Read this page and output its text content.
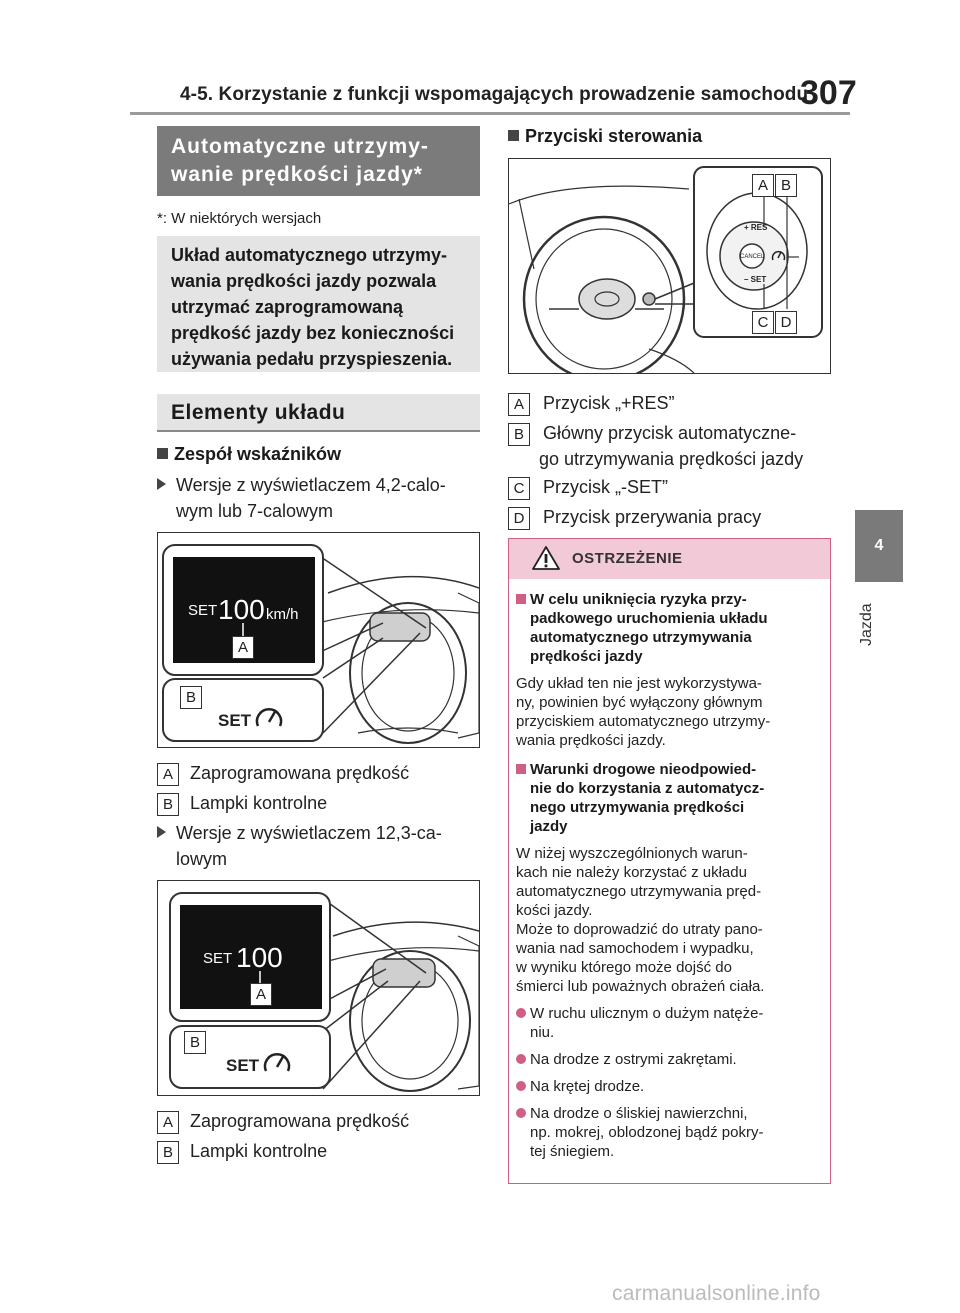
4-5. Korzystanie z funkcji wspomagających prowadzenie samochodu
307
4
Jazda
Automatyczne utrzymy-
wanie prędkości jazdy*
*: W niektórych wersjach
Układ automatycznego utrzymy-
wania prędkości jazdy pozwala
utrzymać zaprogramowaną
prędkość jazdy bez konieczności
używania pedału przyspieszenia.
Elementy układu
Zespół wskaźników
Wersje z wyświetlaczem 4,2-calo-
wym lub 7-calowym
SET 100 km/h
SET
A
B
A Zaprogramowana prędkość
B Lampki kontrolne
Wersje z wyświetlaczem 12,3-ca-
lowym
SET 100
SET
A
B
A Zaprogramowana prędkość
B Lampki kontrolne
Przyciski sterowania
+ RES
CANCEL
– SET
A B
C D
A Przycisk „+RES”
B Główny przycisk automatyczne-
go utrzymywania prędkości jazdy
C Przycisk „-SET”
D Przycisk przerywania pracy
OSTRZEŻENIE
W celu uniknięcia ryzyka przy-
padkowego uruchomienia układu
automatycznego utrzymywania
prędkości jazdy
Gdy układ ten nie jest wykorzystywa-
ny, powinien być wyłączony głównym
przyciskiem automatycznego utrzymy-
wania prędkości jazdy.
Warunki drogowe nieodpowied-
nie do korzystania z automatycz-
nego utrzymywania prędkości
jazdy
W niżej wyszczególnionych warun-
kach nie należy korzystać z układu
automatycznego utrzymywania pręd-
kości jazdy.
Może to doprowadzić do utraty pano-
wania nad samochodem i wypadku,
w wyniku którego może dojść do
śmierci lub poważnych obrażeń ciała.
W ruchu ulicznym o dużym natęże-
niu.
Na drodze z ostrymi zakrętami.
Na krętej drodze.
Na drodze o śliskiej nawierzchni,
np. mokrej, oblodzonej bądź pokry-
tej śniegiem.
carmanualsonline.info
